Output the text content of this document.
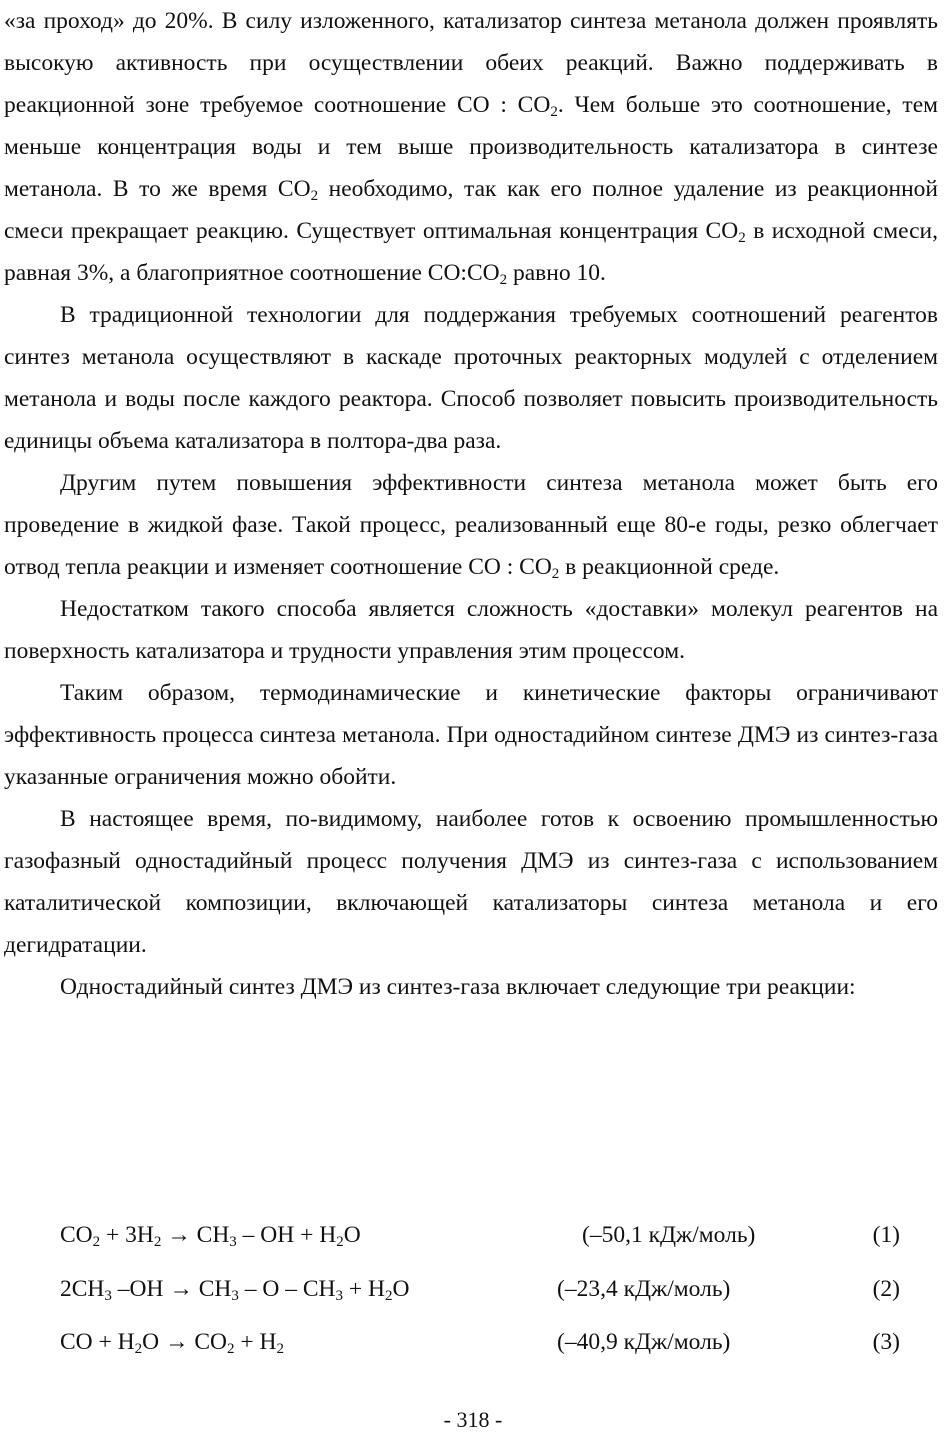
«за проход» до 20%. В силу изложенного, катализатор синтеза метанола должен проявлять высокую активность при осуществлении обеих реакций. Важно поддерживать в реакционной зоне требуемое соотношение CO : $CO_2$. Чем больше это соотношение, тем меньше концентрация воды и тем выше производительность катализатора в синтезе метанола. В то же время $CO_2$ необходимо, так как его полное удаление из реакционной смеси прекращает реакцию. Существует оптимальная концентрация $CO_2$ в исходной смеси, равная 3%, а благоприятное соотношение $CO:CO_2$ равно 10.

В традиционной технологии для поддержания требуемых соотношений реагентов синтез метанола осуществляют в каскаде проточных реакторных модулей с отделением метанола и воды после каждого реактора. Способ позволяет повысить производительность единицы объема катализатора в полтора-два раза.

Другим путем повышения эффективности синтеза метанола может быть его проведение в жидкой фазе. Такой процесс, реализованный еще 80-е годы, резко облегчает отвод тепла реакции и изменяет соотношение CO : $CO_2$ в реакционной среде.

Недостатком такого способа является сложность «доставки» молекул реагентов на поверхность катализатора и трудности управления этим процессом.

Таким образом, термодинамические и кинетические факторы ограничивают эффективность процесса синтеза метанола. При одностадийном синтезе ДМЭ из синтез-газа указанные ограничения можно обойти.

В настоящее время, по-видимому, наиболее готов к освоению промышленностью газофазный одностадийный процесс получения ДМЭ из синтез-газа с использованием каталитической композиции, включающей катализаторы синтеза метанола и его дегидратации.

Одностадийный синтез ДМЭ из синтез-газа включает следующие три реакции:

$CO_2 + 3H_2 \to CH_3$ – OH + $H_2O$	(–50,1 кДж/моль)	(1)
$2CH_3$ $-OH \to CH_3 - O - CH_3 + H_2O$	(–23,4 кДж/моль)	(2)
CO + $H_2O \to CO_2 + H_2$	(–40,9 кДж/моль)	(3)
- 318 -
